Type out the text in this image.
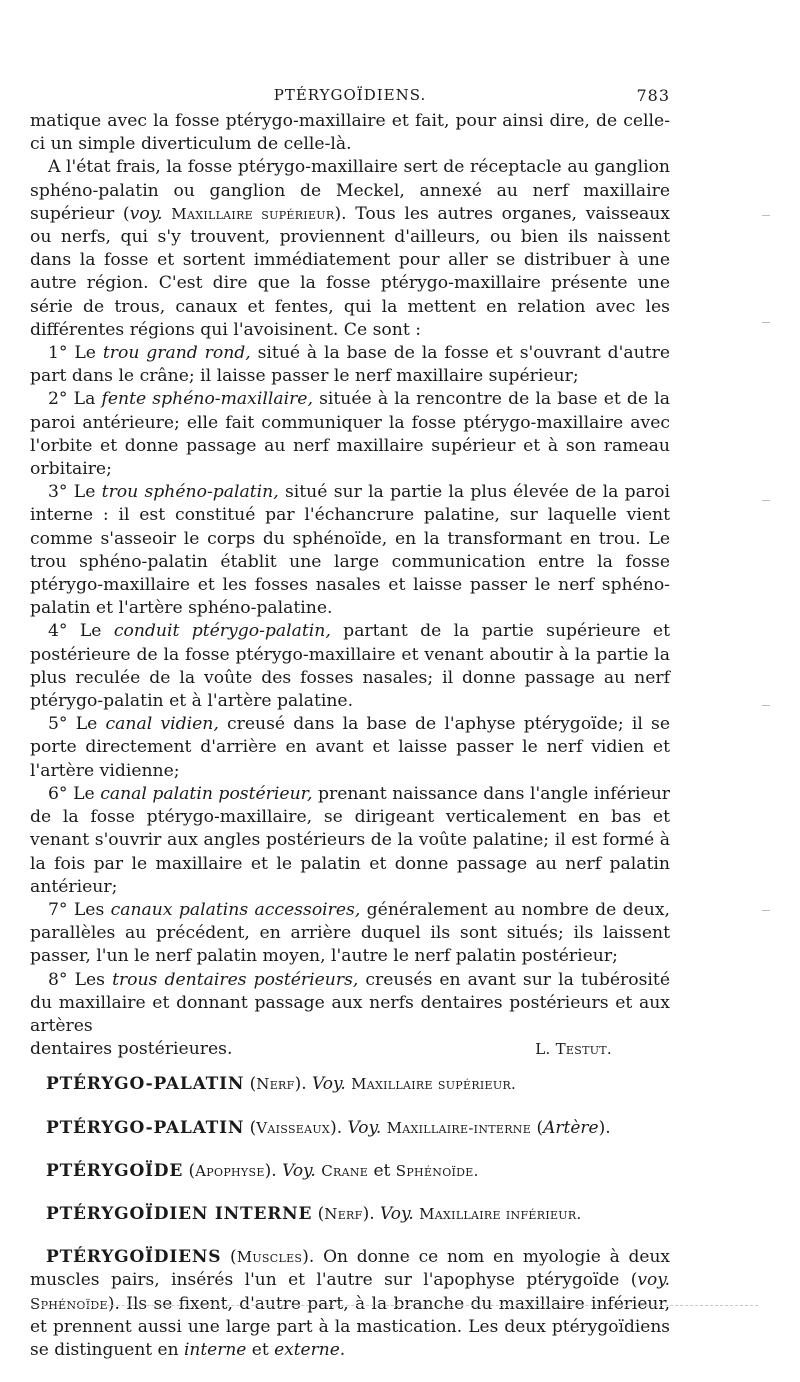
PTÉRYGOÏDIENS.	783

matique avec la fosse ptérygo-maxillaire et fait, pour ainsi dire, de celle-ci un simple diverticulum de celle-là.

A l'état frais, la fosse ptérygo-maxillaire sert de réceptacle au ganglion sphéno-palatin ou ganglion de Meckel, annexé au nerf maxillaire supérieur (voy. Maxillaire supérieur). Tous les autres organes, vaisseaux ou nerfs, qui s'y trouvent, proviennent d'ailleurs, ou bien ils naissent dans la fosse et sortent immédiatement pour aller se distribuer à une autre région. C'est dire que la fosse ptérygo-maxillaire présente une série de trous, canaux et fentes, qui la mettent en relation avec les différentes régions qui l'avoisinent. Ce sont :

1° Le trou grand rond, situé à la base de la fosse et s'ouvrant d'autre part dans le crâne; il laisse passer le nerf maxillaire supérieur;

2° La fente sphéno-maxillaire, située à la rencontre de la base et de la paroi antérieure; elle fait communiquer la fosse ptérygo-maxillaire avec l'orbite et donne passage au nerf maxillaire supérieur et à son rameau orbitaire;

3° Le trou sphéno-palatin, situé sur la partie la plus élevée de la paroi interne : il est constitué par l'échancrure palatine, sur laquelle vient comme s'asseoir le corps du sphénoïde, en la transformant en trou. Le trou sphéno-palatin établit une large communication entre la fosse ptérygo-maxillaire et les fosses nasales et laisse passer le nerf sphéno-palatin et l'artère sphéno-palatine.

4° Le conduit ptérygo-palatin, partant de la partie supérieure et postérieure de la fosse ptérygo-maxillaire et venant aboutir à la partie la plus reculée de la voûte des fosses nasales; il donne passage au nerf ptérygo-palatin et à l'artère palatine.

5° Le canal vidien, creusé dans la base de l'aphyse ptérygoïde; il se porte directement d'arrière en avant et laisse passer le nerf vidien et l'artère vidienne;

6° Le canal palatin postérieur, prenant naissance dans l'angle inférieur de la fosse ptérygo-maxillaire, se dirigeant verticalement en bas et venant s'ouvrir aux angles postérieurs de la voûte palatine; il est formé à la fois par le maxillaire et le palatin et donne passage au nerf palatin antérieur;

7° Les canaux palatins accessoires, généralement au nombre de deux, parallèles au précédent, en arrière duquel ils sont situés; ils laissent passer, l'un le nerf palatin moyen, l'autre le nerf palatin postérieur;

8° Les trous dentaires postérieurs, creusés en avant sur la tubérosité du maxillaire et donnant passage aux nerfs dentaires postérieurs et aux artères

dentaires postérieures.	L. Testut.

PTÉRYGO-PALATIN (Nerf). Voy. Maxillaire supérieur.

PTÉRYGO-PALATIN (Vaisseaux). Voy. Maxillaire-interne (Artère).

PTÉRYGOÏDE (Apophyse). Voy. Crane et Sphénoïde.

PTÉRYGOÏDIEN INTERNE (Nerf). Voy. Maxillaire inférieur.

PTÉRYGOÏDIENS (Muscles). On donne ce nom en myologie à deux muscles pairs, insérés l'un et l'autre sur l'apophyse ptérygoïde (voy. Sphénoïde). Ils se fixent, d'autre part, à la branche du maxillaire inférieur, et prennent aussi une large part à la mastication. Les deux ptérygoïdiens se distinguent en interne et externe.
